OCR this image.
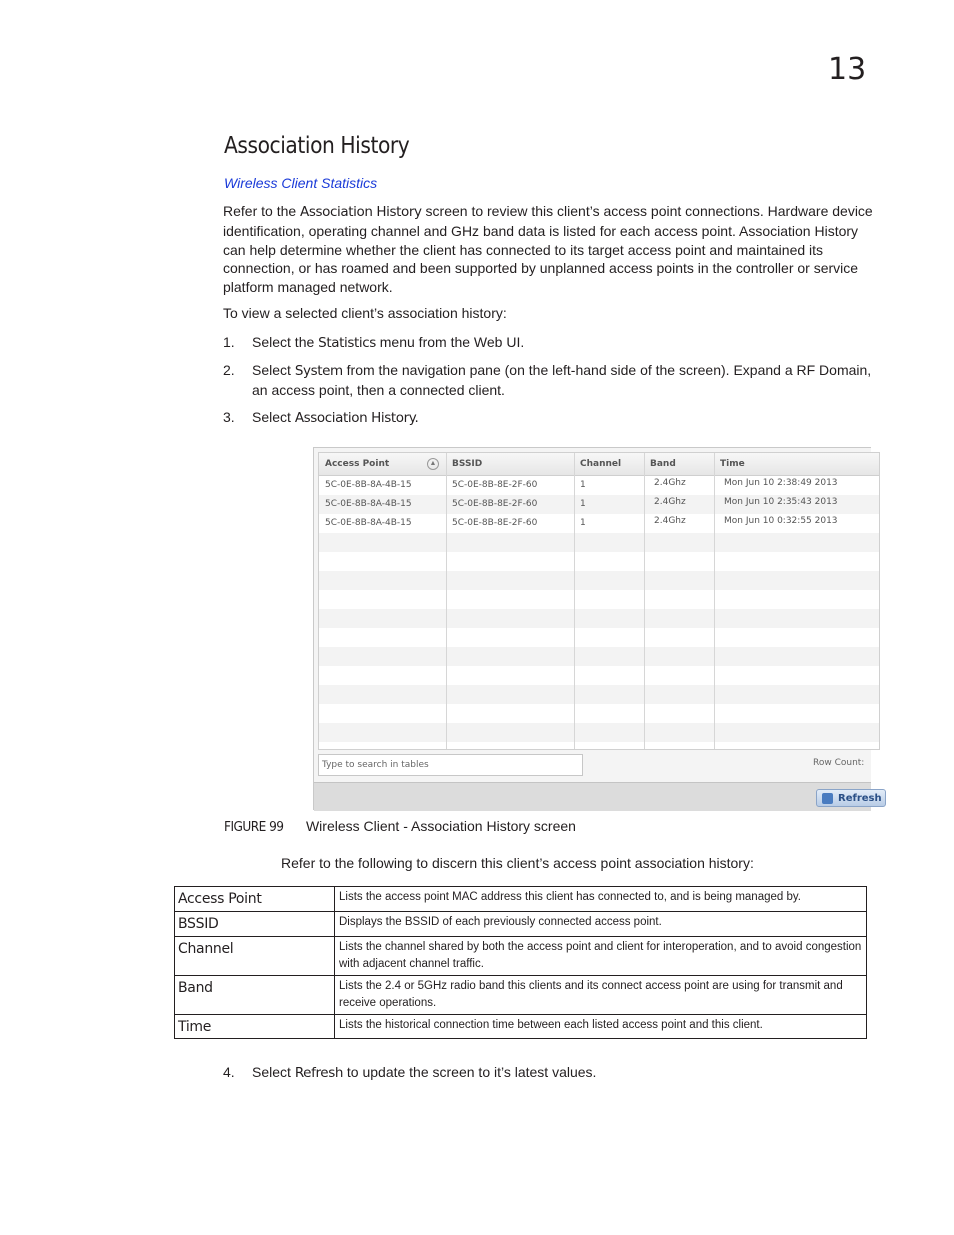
13
Association History
Wireless Client Statistics
Refer to the Association History screen to review this client’s access point connections. Hardware device identification, operating channel and GHz band data is listed for each access point. Association History can help determine whether the client has connected to its target access point and maintained its connection, or has roamed and been supported by unplanned access points in the controller or service platform managed network.
To view a selected client’s association history:
1. Select the Statistics menu from the Web UI.
2. Select System from the navigation pane (on the left-hand side of the screen). Expand a RF Domain, an access point, then a connected client.
3. Select Association History.
Access Point	▲ BSSID	Channel	Band	Time
5C-0E-8B-8A-4B-15	5C-0E-8B-8E-2F-60	1	2.4Ghz	Mon Jun 10 2:38:49 2013
5C-0E-8B-8A-4B-15	5C-0E-8B-8E-2F-60	1	2.4Ghz	Mon Jun 10 2:35:43 2013
5C-0E-8B-8A-4B-15	5C-0E-8B-8E-2F-60	1	2.4Ghz	Mon Jun 10 0:32:55 2013
Type to search in tables	Row Count:
Refresh
FIGURE 99 Wireless Client - Association History screen
Refer to the following to discern this client’s access point association history:
Access Point	Lists the access point MAC address this client has connected to, and is being managed by.
BSSID	Displays the BSSID of each previously connected access point.
Channel	Lists the channel shared by both the access point and client for interoperation, and to avoid congestion with adjacent channel traffic.
Band	Lists the 2.4 or 5GHz radio band this clients and its connect access point are using for transmit and receive operations.
Time	Lists the historical connection time between each listed access point and this client.
4. Select Refresh to update the screen to it’s latest values.
